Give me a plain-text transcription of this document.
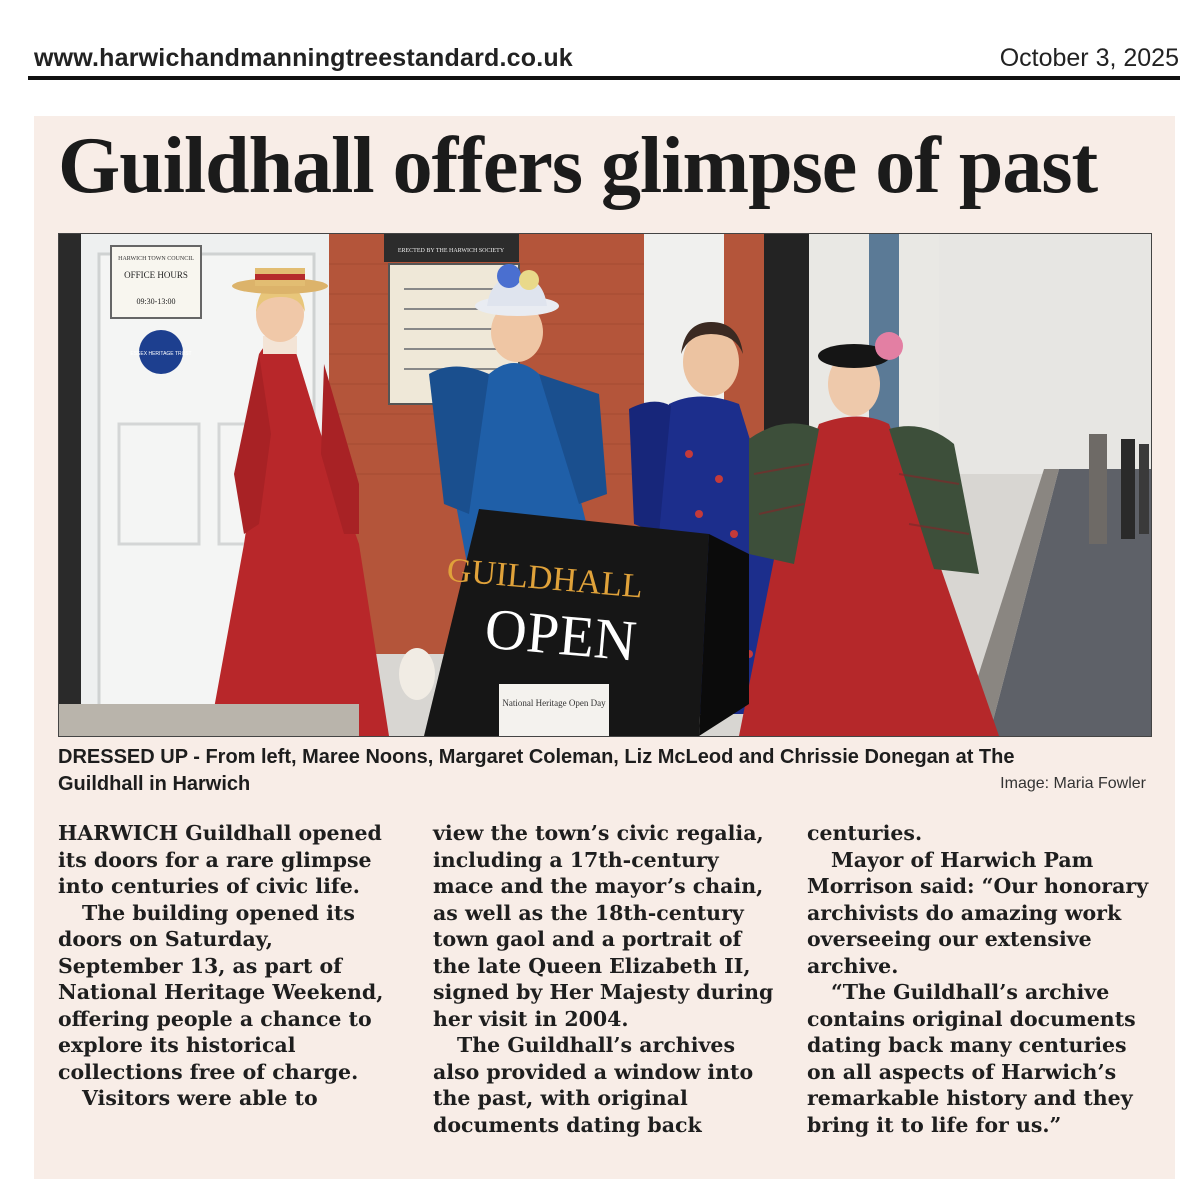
www.harwichandmanningtreestandard.co.uk	October 3, 2025
Guildhall offers glimpse of past
GUILDHALL
OPEN
National Heritage Open Day
HARWICH TOWN COUNCIL
OFFICE HOURS
09:30-13:00
ESSEX HERITAGE TRUST
ERECTED BY THE HARWICH SOCIETY
DRESSED UP - From left, Maree Noons, Margaret Coleman, Liz McLeod and Chrissie Donegan at The Guildhall in Harwich	Image: Maria Fowler

HARWICH Guildhall opened its doors for a rare glimpse into centuries of civic life.

The building opened its doors on Saturday, September 13, as part of National Heritage Weekend, offering people a chance to explore its historical collections free of charge.

Visitors were able to

view the town’s civic regalia, including a 17th-century mace and the mayor’s chain, as well as the 18th-century town gaol and a portrait of the late Queen Elizabeth II, signed by Her Majesty during her visit in 2004.

The Guildhall’s archives also provided a window into the past, with original documents dating back

centuries.

Mayor of Harwich Pam Morrison said: “Our honorary archivists do amazing work overseeing our extensive archive.

“The Guildhall’s archive contains original documents dating back many centuries on all aspects of Harwich’s remarkable history and they bring it to life for us.”
